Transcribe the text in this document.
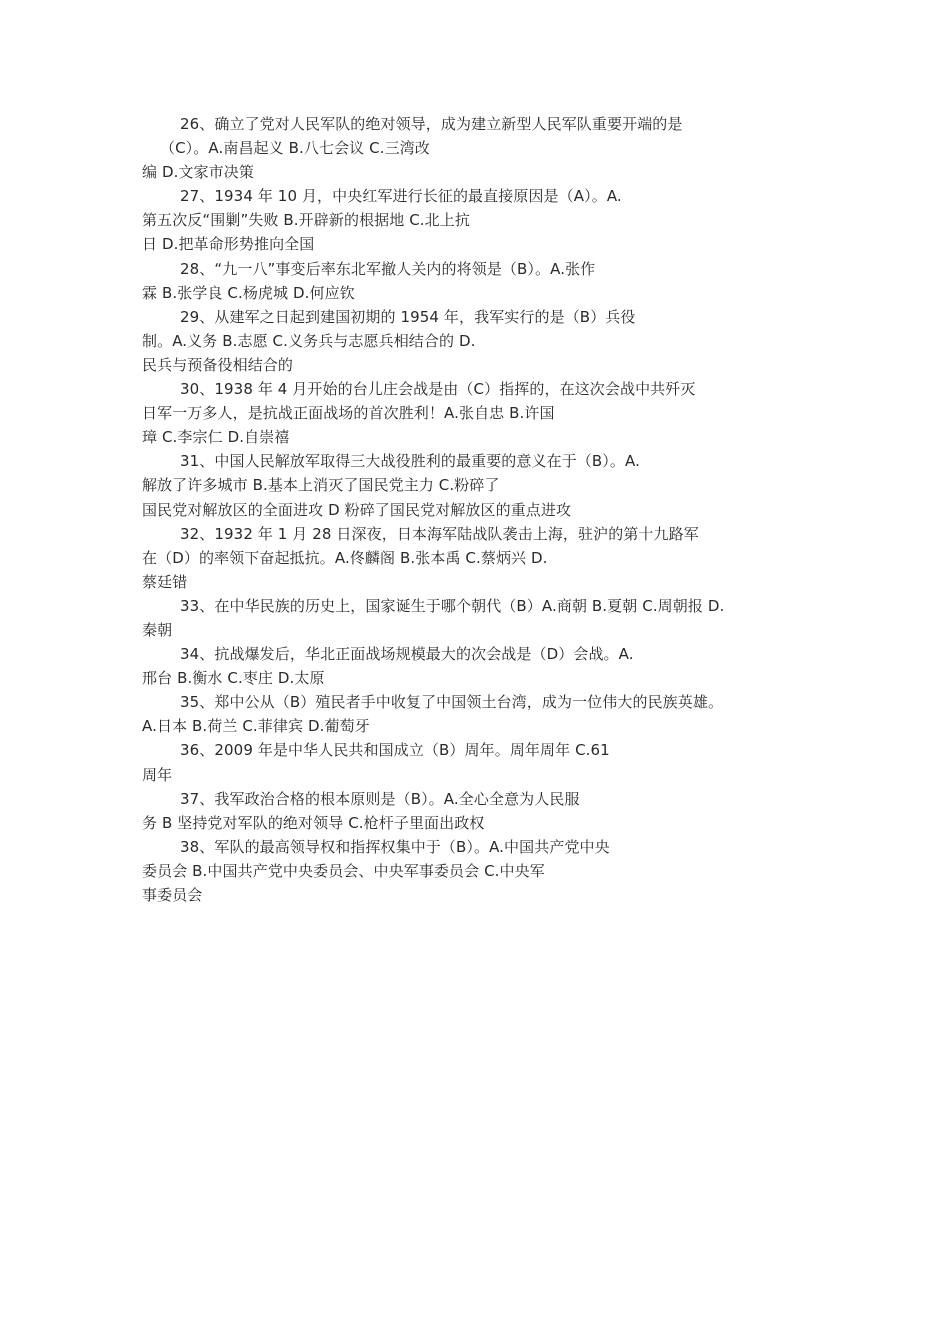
26、确立了党对人民军队的绝对领导，成为建立新型人民军队重要开端的是
（C）。A.南昌起义 B.八七会议 C.三湾改
编 D.文家市决策
27、1934 年 10 月，中央红军进行长征的最直接原因是（A）。A.
第五次反“围剿”失败 B.开辟新的根据地 C.北上抗
日 D.把革命形势推向全国
28、“九一八”事变后率东北军撤人关内的将领是（B）。A.张作
霖 B.张学良 C.杨虎城 D.何应钦
29、从建军之日起到建国初期的 1954 年，我军实行的是（B）兵役
制。A.义务 B.志愿 C.义务兵与志愿兵相结合的 D.
民兵与预备役相结合的
30、1938 年 4 月开始的台儿庄会战是由（C）指挥的，在这次会战中共歼灭
日军一万多人，是抗战正面战场的首次胜利！A.张自忠 B.许国
璋 C.李宗仁 D.自崇禧
31、中国人民解放军取得三大战役胜利的最重要的意义在于（B）。A.
解放了许多城市 B.基本上消灭了国民党主力 C.粉碎了
国民党对解放区的全面进攻 D 粉碎了国民党对解放区的重点进攻
32、1932 年 1 月 28 日深夜，日本海军陆战队袭击上海，驻沪的第十九路军
在（D）的率领下奋起抵抗。A.佟麟阁 B.张本禹 C.蔡炳兴 D.
蔡廷错
33、在中华民族的历史上，国家诞生于哪个朝代（B）A.商朝 B.夏朝 C.周朝报 D.
秦朝
34、抗战爆发后，华北正面战场规模最大的次会战是（D）会战。A.
邢台 B.衡水 C.枣庄 D.太原
35、郑中公从（B）殖民者手中收复了中国领土台湾，成为一位伟大的民族英雄。
A.日本 B.荷兰 C.菲律宾 D.葡萄牙
36、2009 年是中华人民共和国成立（B）周年。周年周年 C.61
周年
37、我军政治合格的根本原则是（B）。A.全心全意为人民服
务 B 坚持党对军队的绝对领导 C.枪杆子里面出政权
38、军队的最高领导权和指挥权集中于（B）。A.中国共产党中央
委员会 B.中国共产党中央委员会、中央军事委员会 C.中央军
事委员会
